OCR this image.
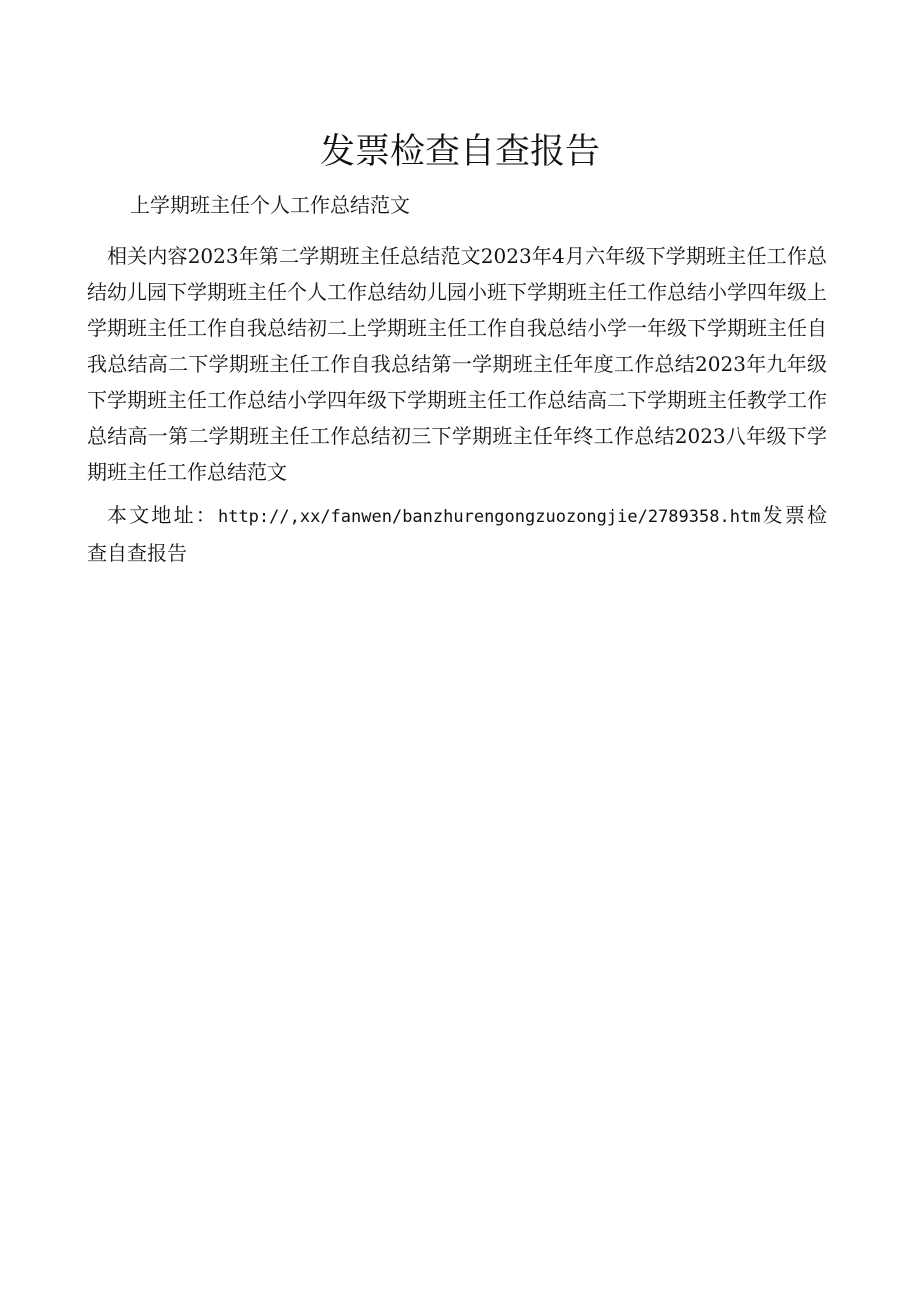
发票检查自查报告
上学期班主任个人工作总结范文

相关内容2023年第二学期班主任总结范文2023年4月六年级下学期班主任工作总结幼儿园下学期班主任个人工作总结幼儿园小班下学期班主任工作总结小学四年级上学期班主任工作自我总结初二上学期班主任工作自我总结小学一年级下学期班主任自我总结高二下学期班主任工作自我总结第一学期班主任年度工作总结2023年九年级下学期班主任工作总结小学四年级下学期班主任工作总结高二下学期班主任教学工作总结高一第二学期班主任工作总结初三下学期班主任年终工作总结2023八年级下学期班主任工作总结范文

本文地址：http://,xx/fanwen/banzhurengongzuozongjie/2789358.htm发票检查自查报告
